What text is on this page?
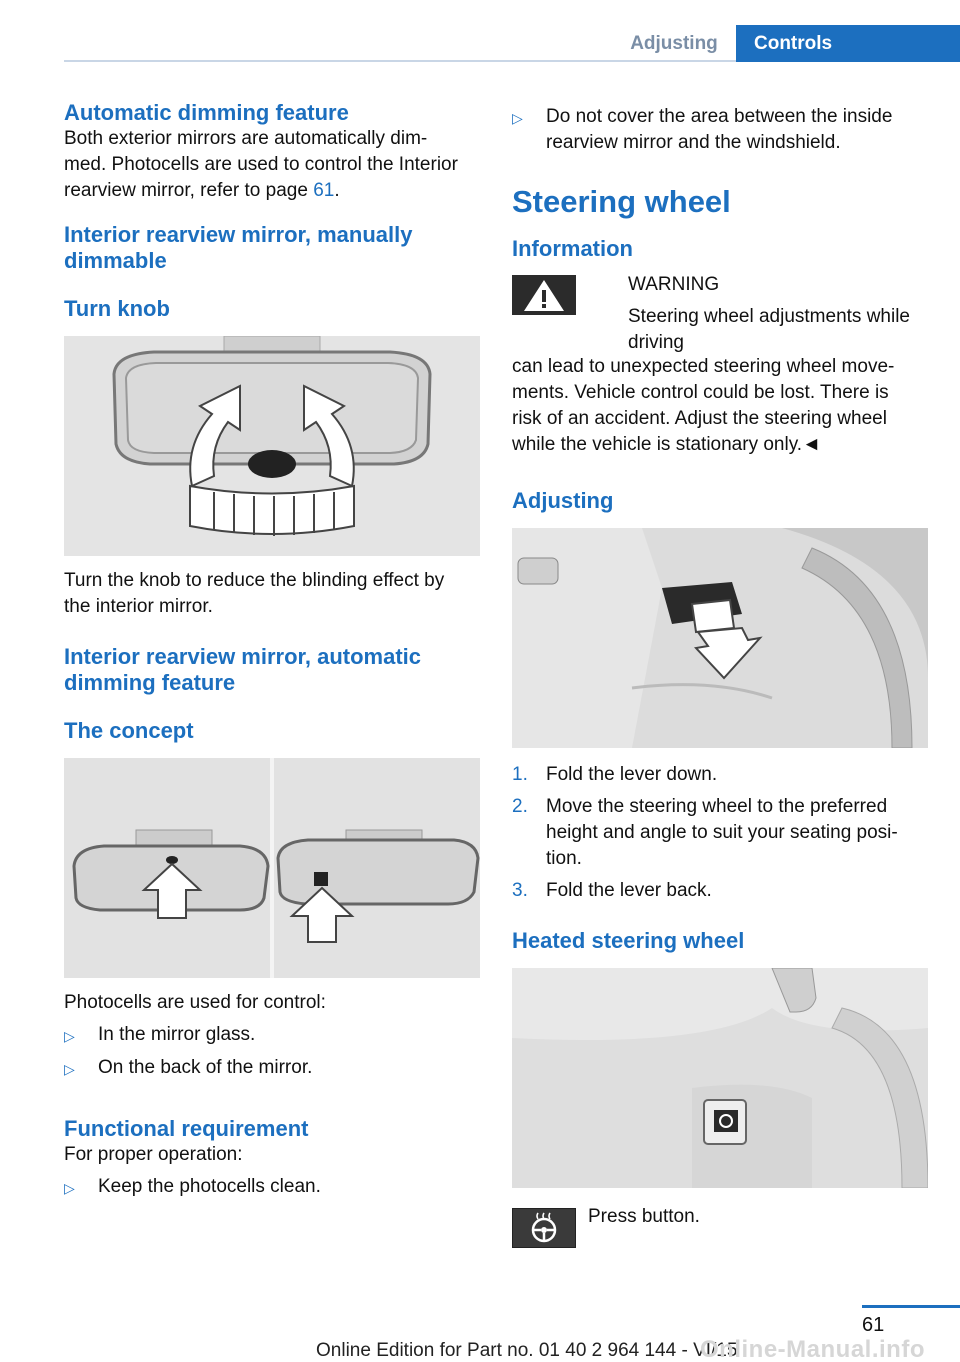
Adjusting	Controls
Automatic dimming feature
Both exterior mirrors are automatically dim-
med. Photocells are used to control the Interior
rearview mirror, refer to page 61.
Interior rearview mirror, manually
dimmable
Turn knob
Turn the knob to reduce the blinding effect by
the interior mirror.
Interior rearview mirror, automatic
dimming feature
The concept
Photocells are used for control:
▷	In the mirror glass.
▷	On the back of the mirror.
Functional requirement
For proper operation:
▷	Keep the photocells clean.
▷	Do not cover the area between the inside
rearview mirror and the windshield.
Steering wheel
Information
WARNING
Steering wheel adjustments while driving
can lead to unexpected steering wheel move-
ments. Vehicle control could be lost. There is
risk of an accident. Adjust the steering wheel
while the vehicle is stationary only.◄
Adjusting
1. Fold the lever down.
2. Move the steering wheel to the preferred
height and angle to suit your seating posi-
tion.
3. Fold the lever back.
Heated steering wheel
Press button.
61
Online Edition for Part no. 01 40 2 964 144 - VI/15
Online-Manual.info
